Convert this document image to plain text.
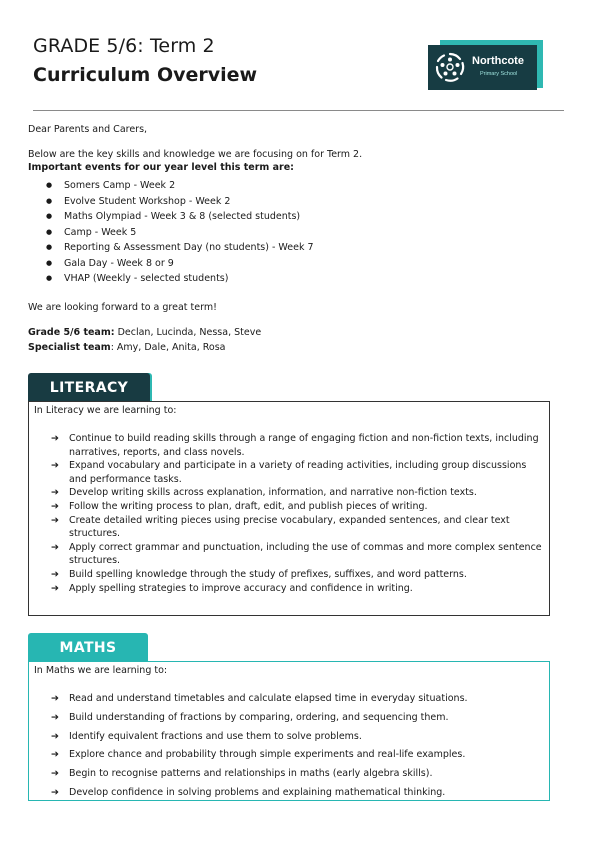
GRADE 5/6: Term 2
Curriculum Overview
Northcote
Primary School
Dear Parents and Carers,
Below are the key skills and knowledge we are focusing on for Term 2.
Important events for our year level this term are:
● Somers Camp - Week 2
● Evolve Student Workshop - Week 2
● Maths Olympiad - Week 3 & 8 (selected students)
● Camp - Week 5
● Reporting & Assessment Day (no students) - Week 7
● Gala Day - Week 8 or 9
● VHAP (Weekly - selected students)
We are looking forward to a great term!
Grade 5/6 team: Declan, Lucinda, Nessa, Steve
Specialist team: Amy, Dale, Anita, Rosa
LITERACY
In Literacy we are learning to:
➔ Continue to build reading skills through a range of engaging fiction and non-fiction texts, including narratives, reports, and class novels.
➔ Expand vocabulary and participate in a variety of reading activities, including group discussions and performance tasks.
➔ Develop writing skills across explanation, information, and narrative non-fiction texts.
➔ Follow the writing process to plan, draft, edit, and publish pieces of writing.
➔ Create detailed writing pieces using precise vocabulary, expanded sentences, and clear text structures.
➔ Apply correct grammar and punctuation, including the use of commas and more complex sentence structures.
➔ Build spelling knowledge through the study of prefixes, suffixes, and word patterns.
➔ Apply spelling strategies to improve accuracy and confidence in writing.
MATHS
In Maths we are learning to:
➔ Read and understand timetables and calculate elapsed time in everyday situations.
➔ Build understanding of fractions by comparing, ordering, and sequencing them.
➔ Identify equivalent fractions and use them to solve problems.
➔ Explore chance and probability through simple experiments and real-life examples.
➔ Begin to recognise patterns and relationships in maths (early algebra skills).
➔ Develop confidence in solving problems and explaining mathematical thinking.
